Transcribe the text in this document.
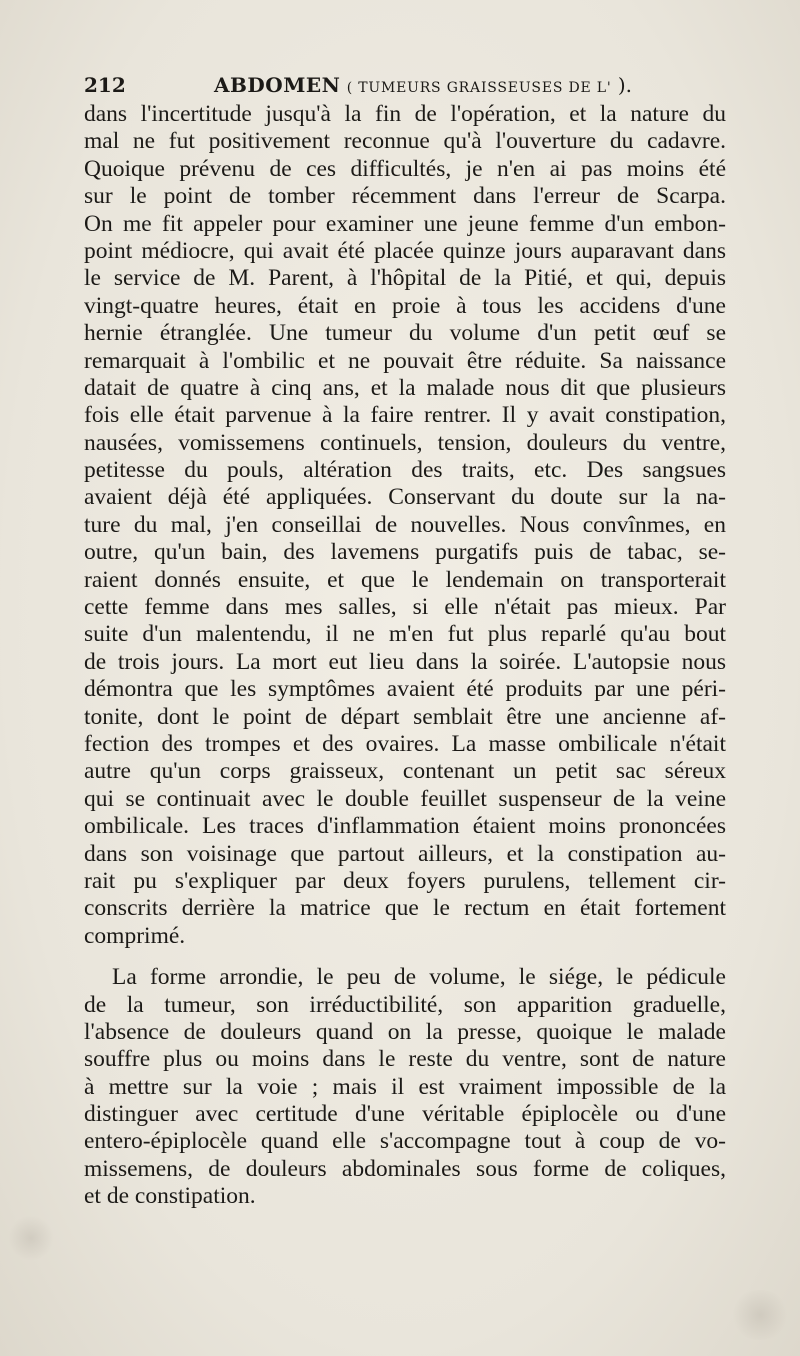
212	ABDOMEN ( TUMEURS GRAISSEUSES DE L' ).
dans l'incertitude jusqu'à la fin de l'opération, et la nature du
mal ne fut positivement reconnue qu'à l'ouverture du cadavre.
Quoique prévenu de ces difficultés, je n'en ai pas moins été
sur le point de tomber récemment dans l'erreur de Scarpa.
On me fit appeler pour examiner une jeune femme d'un embon-
point médiocre, qui avait été placée quinze jours auparavant dans
le service de M. Parent, à l'hôpital de la Pitié, et qui, depuis
vingt-quatre heures, était en proie à tous les accidens d'une
hernie étranglée. Une tumeur du volume d'un petit œuf se
remarquait à l'ombilic et ne pouvait être réduite. Sa naissance
datait de quatre à cinq ans, et la malade nous dit que plusieurs
fois elle était parvenue à la faire rentrer. Il y avait constipation,
nausées, vomissemens continuels, tension, douleurs du ventre,
petitesse du pouls, altération des traits, etc. Des sangsues
avaient déjà été appliquées. Conservant du doute sur la na-
ture du mal, j'en conseillai de nouvelles. Nous convînmes, en
outre, qu'un bain, des lavemens purgatifs puis de tabac, se-
raient donnés ensuite, et que le lendemain on transporterait
cette femme dans mes salles, si elle n'était pas mieux. Par
suite d'un malentendu, il ne m'en fut plus reparlé qu'au bout
de trois jours. La mort eut lieu dans la soirée. L'autopsie nous
démontra que les symptômes avaient été produits par une péri-
tonite, dont le point de départ semblait être une ancienne af-
fection des trompes et des ovaires. La masse ombilicale n'était
autre qu'un corps graisseux, contenant un petit sac séreux
qui se continuait avec le double feuillet suspenseur de la veine
ombilicale. Les traces d'inflammation étaient moins prononcées
dans son voisinage que partout ailleurs, et la constipation au-
rait pu s'expliquer par deux foyers purulens, tellement cir-
conscrits derrière la matrice que le rectum en était fortement
comprimé.
La forme arrondie, le peu de volume, le siége, le pédicule
de la tumeur, son irréductibilité, son apparition graduelle,
l'absence de douleurs quand on la presse, quoique le malade
souffre plus ou moins dans le reste du ventre, sont de nature
à mettre sur la voie ; mais il est vraiment impossible de la
distinguer avec certitude d'une véritable épiplocèle ou d'une
entero-épiplocèle quand elle s'accompagne tout à coup de vo-
missemens, de douleurs abdominales sous forme de coliques,
et de constipation.
